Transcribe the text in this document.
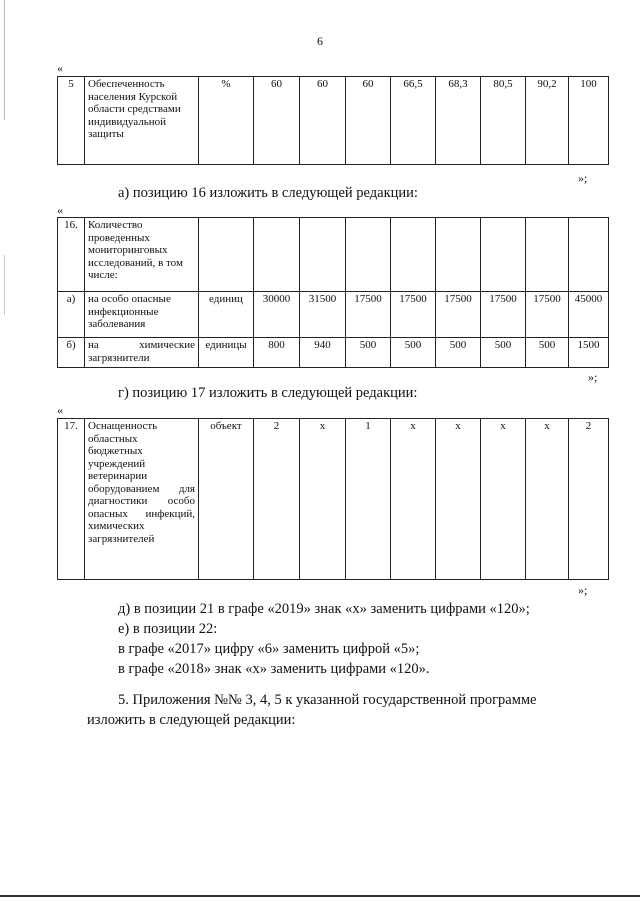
6
«
5	Обеспеченность населения Курской области средствами индивидуальной защиты	%	60	60	60	66,5	68,3	80,5	90,2	100
»;
а) позицию 16 изложить в следующей редакции:
«
16.	Количество проведенных мониторинговых исследований, в том числе:									
а)	на особо опасные инфекционные заболевания	единиц	30000	31500	17500	17500	17500	17500	17500	45000
б)	на химические загрязнители	единицы	800	940	500	500	500	500	500	1500
»;
г) позицию 17 изложить в следующей редакции:
«
17.	Оснащенность областных бюджетных учреждений ветеринарии оборудованием для диагностики особо опасных инфекций, химических загрязнителей	объект	2	х	1	х	х	х	х	2
»;
д) в позиции 21 в графе «2019» знак «х» заменить цифрами «120»;
е) в позиции 22:
в графе «2017» цифру «6» заменить цифрой «5»;
в графе «2018» знак «х» заменить цифрами «120».
5. Приложения №№ 3, 4, 5 к указанной государственной программе
изложить в следующей редакции:
